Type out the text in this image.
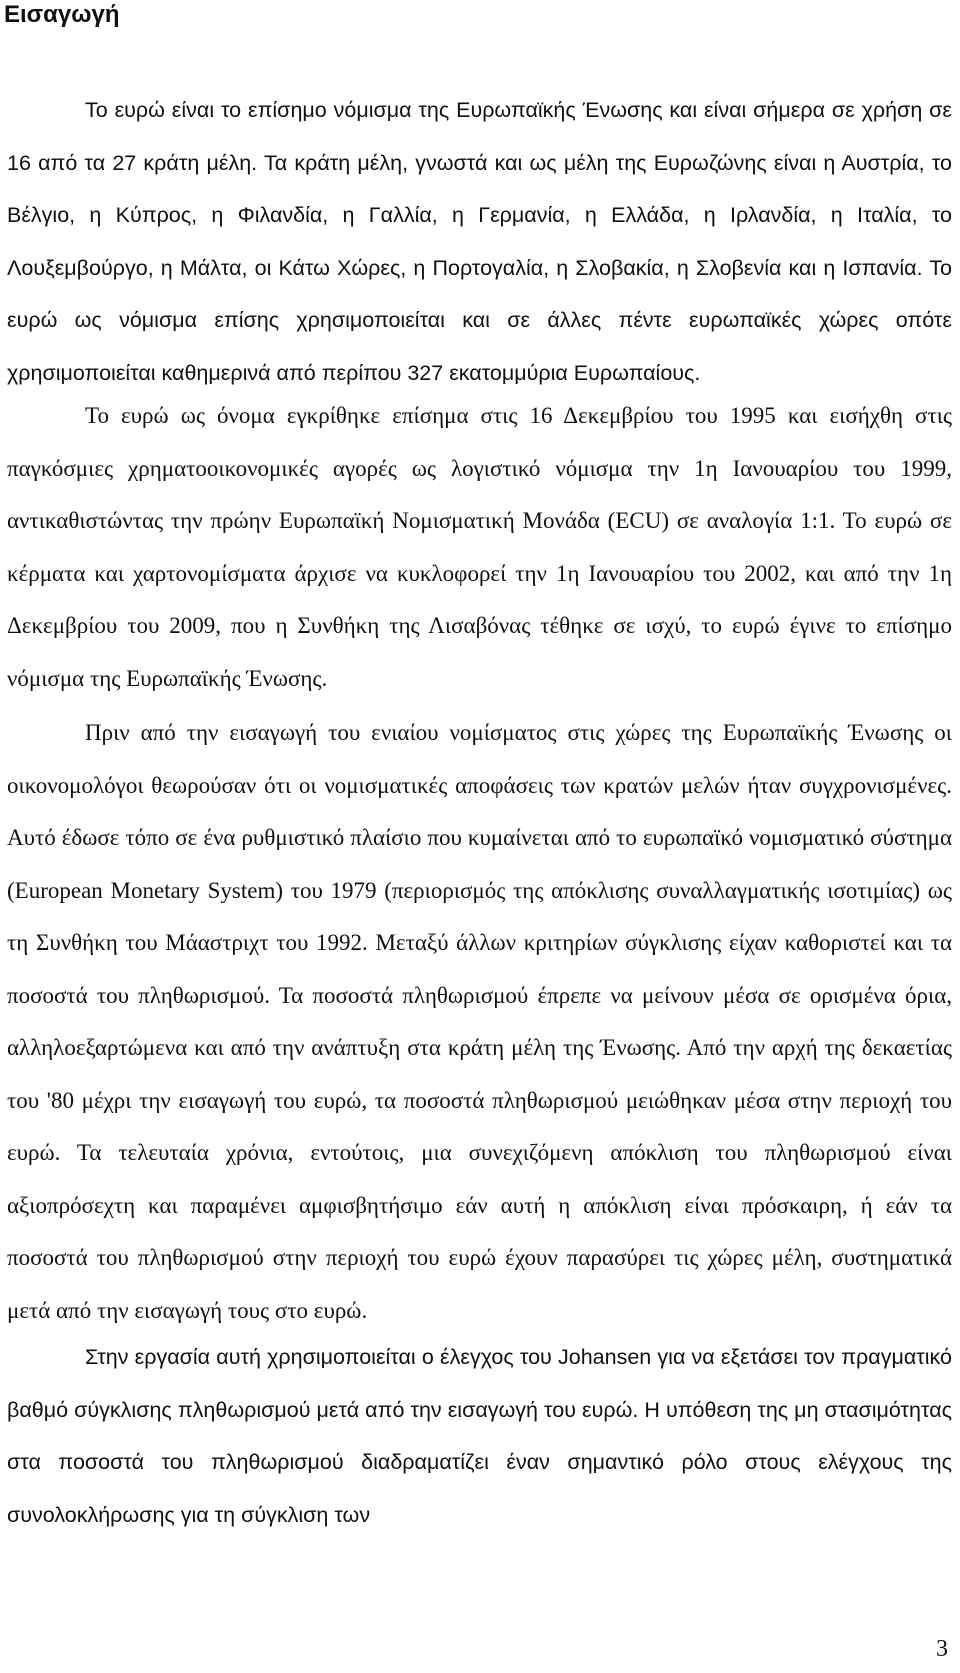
Εισαγωγή

Το ευρώ είναι το επίσημο νόμισμα της Ευρωπαϊκής Ένωσης και είναι σήμερα σε χρήση σε 16 από τα 27 κράτη μέλη. Τα κράτη μέλη, γνωστά και ως μέλη της Ευρωζώνης είναι η Αυστρία, το Βέλγιο, η Κύπρος, η Φιλανδία, η Γαλλία, η Γερμανία, η Ελλάδα, η Ιρλανδία, η Ιταλία, το Λουξεμβούργο, η Μάλτα, οι Κάτω Χώρες, η Πορτογαλία, η Σλοβακία, η Σλοβενία και η Ισπανία. Το ευρώ ως νόμισμα επίσης χρησιμοποιείται και σε άλλες πέντε ευρωπαϊκές χώρες οπότε χρησιμοποιείται καθημερινά από περίπου 327 εκατομμύρια Ευρωπαίους.

Το ευρώ ως όνομα εγκρίθηκε επίσημα στις 16 Δεκεμβρίου του 1995 και εισήχθη στις παγκόσμιες χρηματοοικονομικές αγορές ως λογιστικό νόμισμα την 1η Ιανουαρίου του 1999, αντικαθιστώντας την πρώην Ευρωπαϊκή Νομισματική Μονάδα (ECU) σε αναλογία 1:1. Το ευρώ σε κέρματα και χαρτονομίσματα άρχισε να κυκλοφορεί την 1η Ιανουαρίου του 2002, και από την 1η Δεκεμβρίου του 2009, που η Συνθήκη της Λισαβόνας τέθηκε σε ισχύ, το ευρώ έγινε το επίσημο νόμισμα της Ευρωπαϊκής Ένωσης.

Πριν από την εισαγωγή του ενιαίου νομίσματος στις χώρες της Ευρωπαϊκής Ένωσης οι οικονομολόγοι θεωρούσαν ότι οι νομισματικές αποφάσεις των κρατών μελών ήταν συγχρονισμένες. Αυτό έδωσε τόπο σε ένα ρυθμιστικό πλαίσιο που κυμαίνεται από το ευρωπαϊκό νομισματικό σύστημα (European Monetary System) του 1979 (περιορισμός της απόκλισης συναλλαγματικής ισοτιμίας) ως τη Συνθήκη του Μάαστριχτ του 1992. Μεταξύ άλλων κριτηρίων σύγκλισης είχαν καθοριστεί και τα ποσοστά του πληθωρισμού. Τα ποσοστά πληθωρισμού έπρεπε να μείνουν μέσα σε ορισμένα όρια, αλληλοεξαρτώμενα και από την ανάπτυξη στα κράτη μέλη της Ένωσης. Από την αρχή της δεκαετίας του '80 μέχρι την εισαγωγή του ευρώ, τα ποσοστά πληθωρισμού μειώθηκαν μέσα στην περιοχή του ευρώ. Τα τελευταία χρόνια, εντούτοις, μια συνεχιζόμενη απόκλιση του πληθωρισμού είναι αξιοπρόσεχτη και παραμένει αμφισβητήσιμο εάν αυτή η απόκλιση είναι πρόσκαιρη, ή εάν τα ποσοστά του πληθωρισμού στην περιοχή του ευρώ έχουν παρασύρει τις χώρες μέλη, συστηματικά μετά από την εισαγωγή τους στο ευρώ.

Στην εργασία αυτή χρησιμοποιείται ο έλεγχος του Johansen για να εξετάσει τον πραγματικό βαθμό σύγκλισης πληθωρισμού μετά από την εισαγωγή του ευρώ. Η υπόθεση της μη στασιμότητας στα ποσοστά του πληθωρισμού διαδραματίζει έναν σημαντικό ρόλο στους ελέγχους της συνολοκλήρωσης για τη σύγκλιση των

3
